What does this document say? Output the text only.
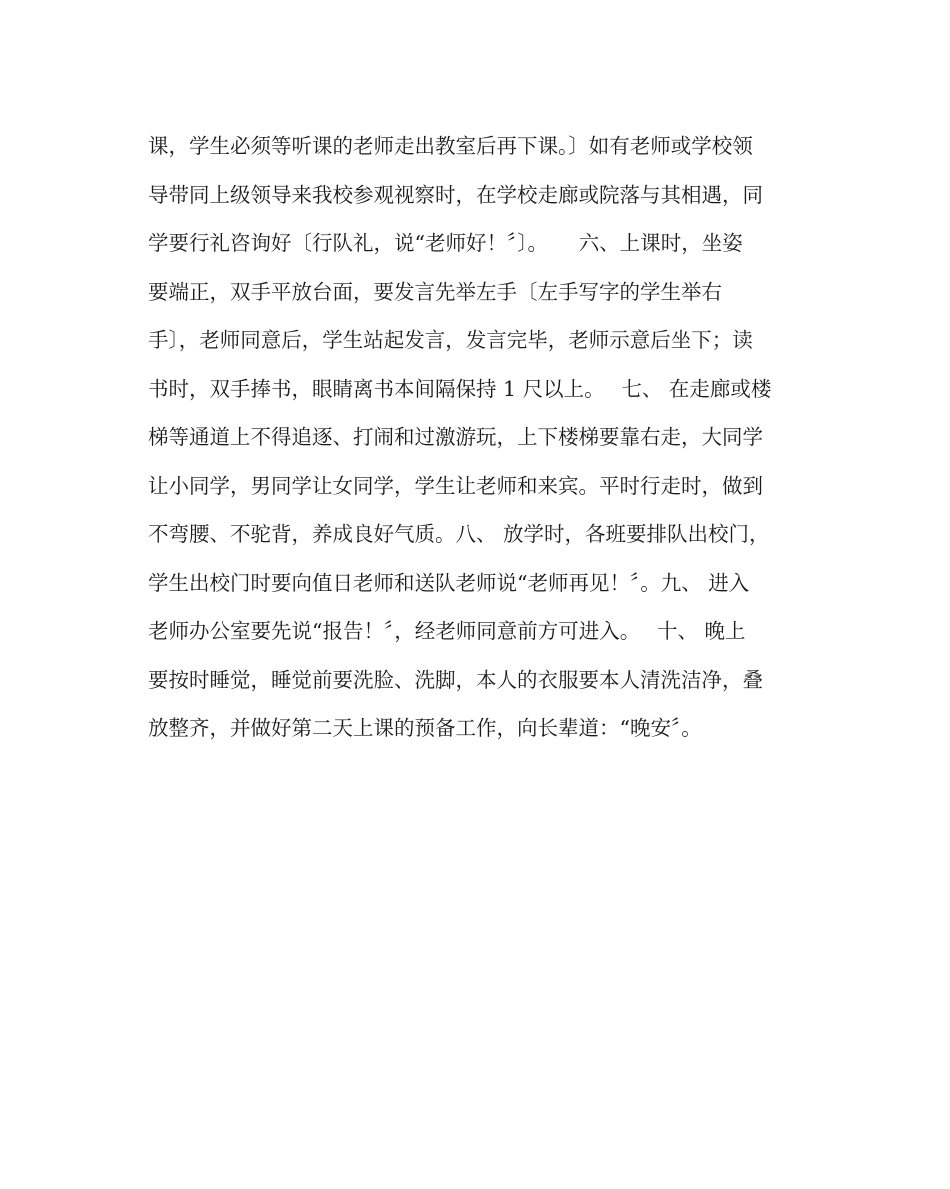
课，学生必须等听课的老师走出教室后再下课。〕如有老师或学校领
导带同上级领导来我校参观视察时，在学校走廊或院落与其相遇，同
学要行礼咨询好〔行队礼，说“老师好！〞〕。　　六、上课时，坐姿
要端正，双手平放台面，要发言先举左手〔左手写字的学生举右
手〕，老师同意后，学生站起发言，发言完毕，老师示意后坐下；读
书时，双手捧书，眼睛离书本间隔保持 1 尺以上。　 七、 在走廊或楼
梯等通道上不得追逐、打闹和过激游玩，上下楼梯要靠右走，大同学
让小同学，男同学让女同学，学生让老师和来宾。平时行走时，做到
不弯腰、不驼背，养成良好气质。八、 放学时，各班要排队出校门，
学生出校门时要向值日老师和送队老师说“老师再见！〞。九、 进入
老师办公室要先说“报告！〞，经老师同意前方可进入。　 十、 晚上
要按时睡觉，睡觉前要洗脸、洗脚，本人的衣服要本人清洗洁净，叠
放整齐，并做好第二天上课的预备工作，向长辈道：“晚安〞。
